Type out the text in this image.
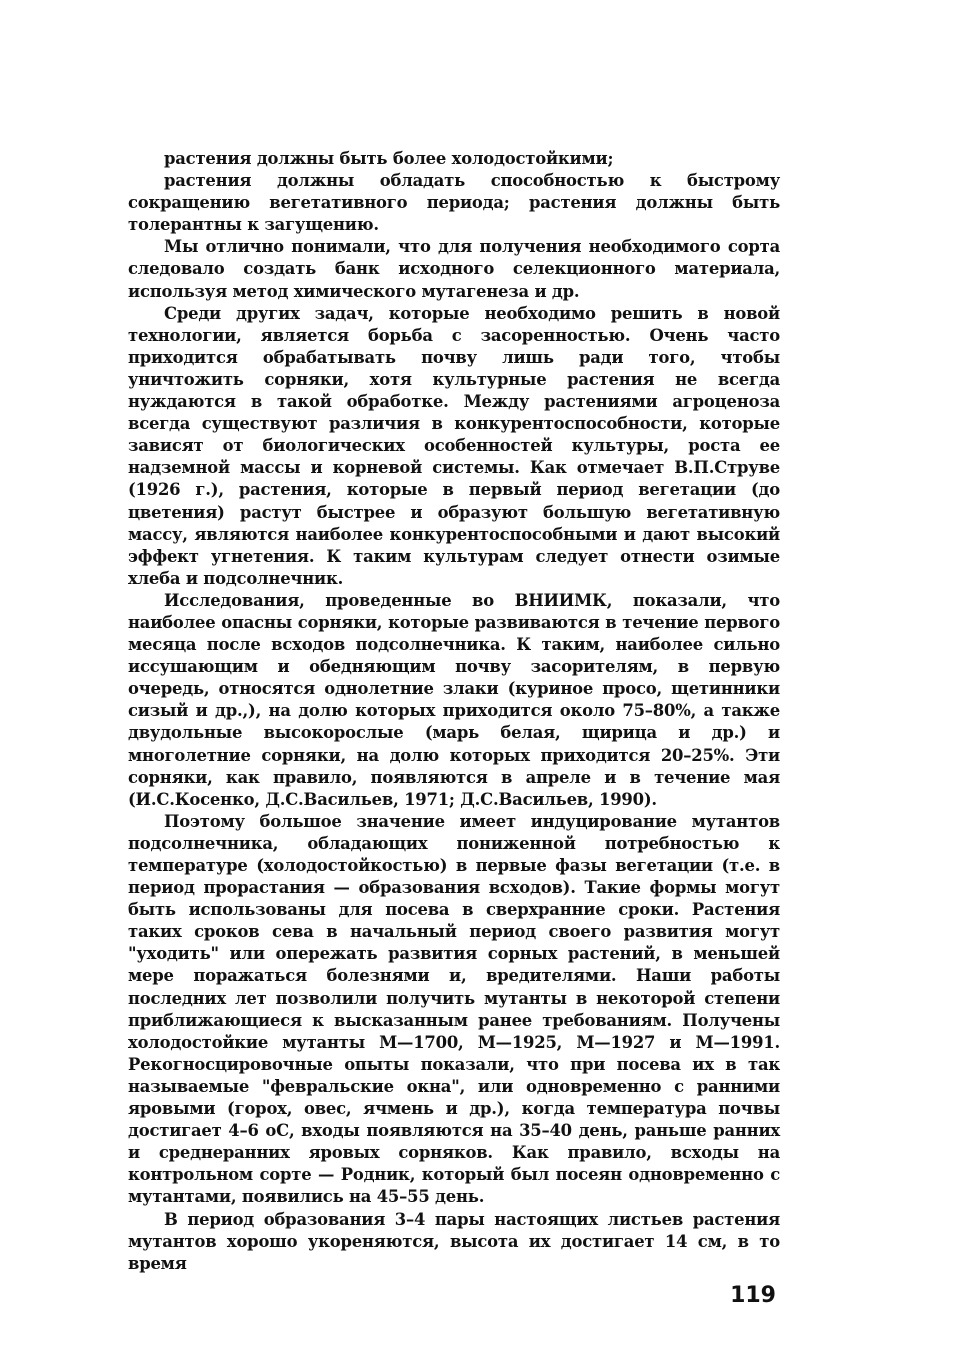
растения должны быть более холодостойкими;

растения должны обладать способностью к быстрому сокращению вегетативного периода; растения должны быть толерантны к загущению.

Мы отлично понимали, что для получения необходимого сорта следовало создать банк исходного селекционного материала, используя метод химического мутагенеза и др.

Среди других задач, которые необходимо решить в новой технологии, является борьба с засоренностью. Очень часто приходится обрабатывать почву лишь ради того, чтобы уничтожить сорняки, хотя культурные растения не всегда нуждаются в такой обработке. Между растениями агроценоза всегда существуют различия в конкурентоспособности, которые зависят от биологических особенностей культуры, роста ее надземной массы и корневой системы. Как отмечает В.П.Струве (1926 г.), растения, которые в первый период вегетации (до цветения) растут быстрее и образуют большую вегетативную массу, являются наиболее конкурентоспособными и дают высокий эффект угнетения. К таким культурам следует отнести озимые хлеба и подсолнечник.

Исследования, проведенные во ВНИИМК, показали, что наиболее опасны сорняки, которые развиваются в течение первого месяца после всходов подсолнечника. К таким, наиболее сильно иссушающим и обедняющим почву засорителям, в первую очередь, относятся однолетние злаки (куриное просо, щетинники сизый и др.,), на долю которых приходится около 75–80%, а также двудольные высокорослые (марь белая, щирица и др.) и многолетние сорняки, на долю которых приходится 20–25%. Эти сорняки, как правило, появляются в апреле и в течение мая (И.С.Косенко, Д.С.Васильев, 1971; Д.С.Васильев, 1990).

Поэтому большое значение имеет индуцирование мутантов подсолнечника, обладающих пониженной потребностью к температуре (холодостойкостью) в первые фазы вегетации (т.е. в период прорастания — образования всходов). Такие формы могут быть использованы для посева в сверхранние сроки. Растения таких сроков сева в начальный период своего развития могут "уходить" или опережать развития сорных растений, в меньшей мере поражаться болезнями и, вредителями. Наши работы последних лет позволили получить мутанты в некоторой степени приближающиеся к высказанным ранее требованиям. Получены холодостойкие мутанты М—1700, М—1925, М—1927 и М—1991. Рекогносцировочные опыты показали, что при посева их в так называемые "февральские окна", или одновременно с ранними яровыми (горох, овес, ячмень и др.), когда температура почвы достигает 4–6 оС, входы появляются на 35–40 день, раньше ранних и среднеранних яровых сорняков. Как правило, всходы на контрольном сорте — Родник, который был посеян одновременно с мутантами, появились на 45–55 день.

В период образования 3–4 пары настоящих листьев растения мутантов хорошо укореняются, высота их достигает 14 см, в то время

119
